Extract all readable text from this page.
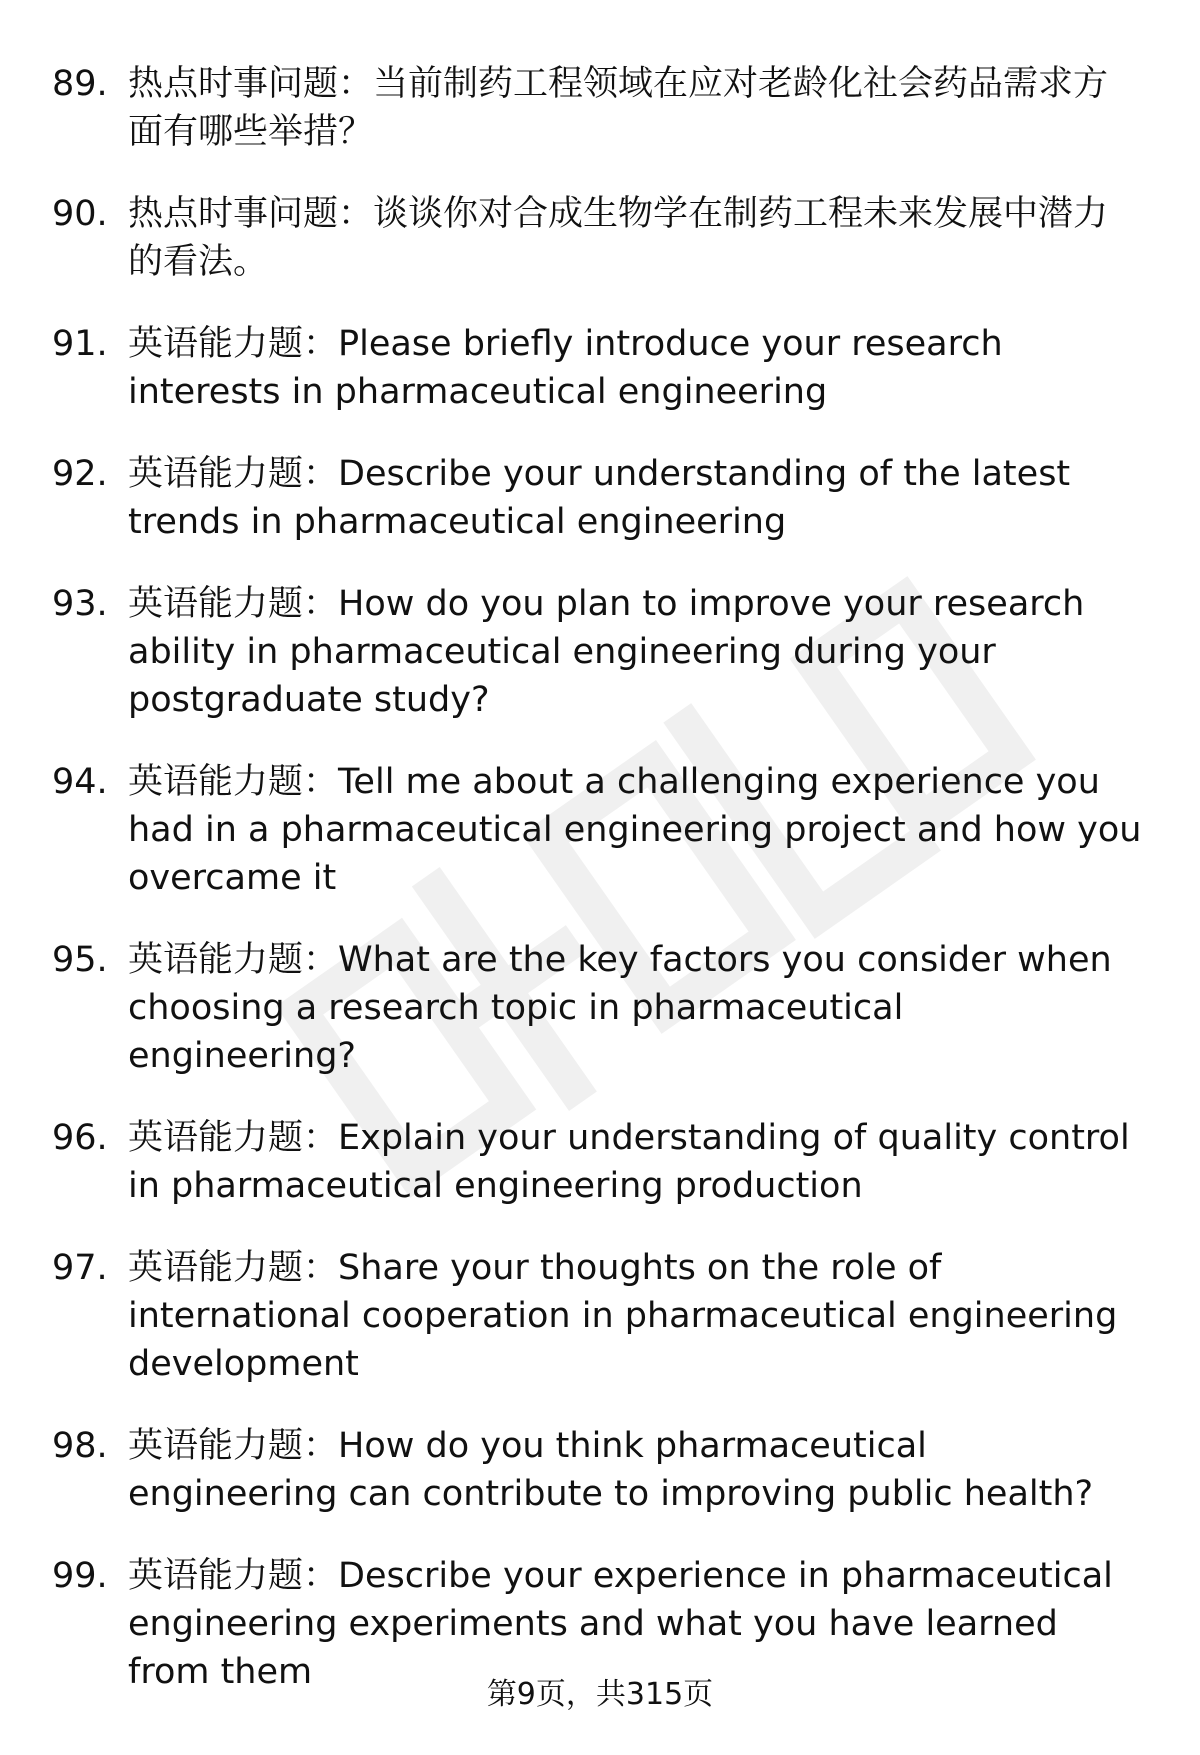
89. 热点时事问题：当前制药工程领域在应对老龄化社会药品需求方面有哪些举措？
90. 热点时事问题：谈谈你对合成生物学在制药工程未来发展中潜力的看法。
91. 英语能力题：Please briefly introduce your research interests in pharmaceutical engineering
92. 英语能力题：Describe your understanding of the latest trends in pharmaceutical engineering
93. 英语能力题：How do you plan to improve your research ability in pharmaceutical engineering during your postgraduate study?
94. 英语能力题：Tell me about a challenging experience you had in a pharmaceutical engineering project and how you overcame it
95. 英语能力题：What are the key factors you consider when choosing a research topic in pharmaceutical engineering?
96. 英语能力题：Explain your understanding of quality control in pharmaceutical engineering production
97. 英语能力题：Share your thoughts on the role of international cooperation in pharmaceutical engineering development
98. 英语能力题：How do you think pharmaceutical engineering can contribute to improving public health?
99. 英语能力题：Describe your experience in pharmaceutical engineering experiments and what you have learned from them
第9页，共315页
